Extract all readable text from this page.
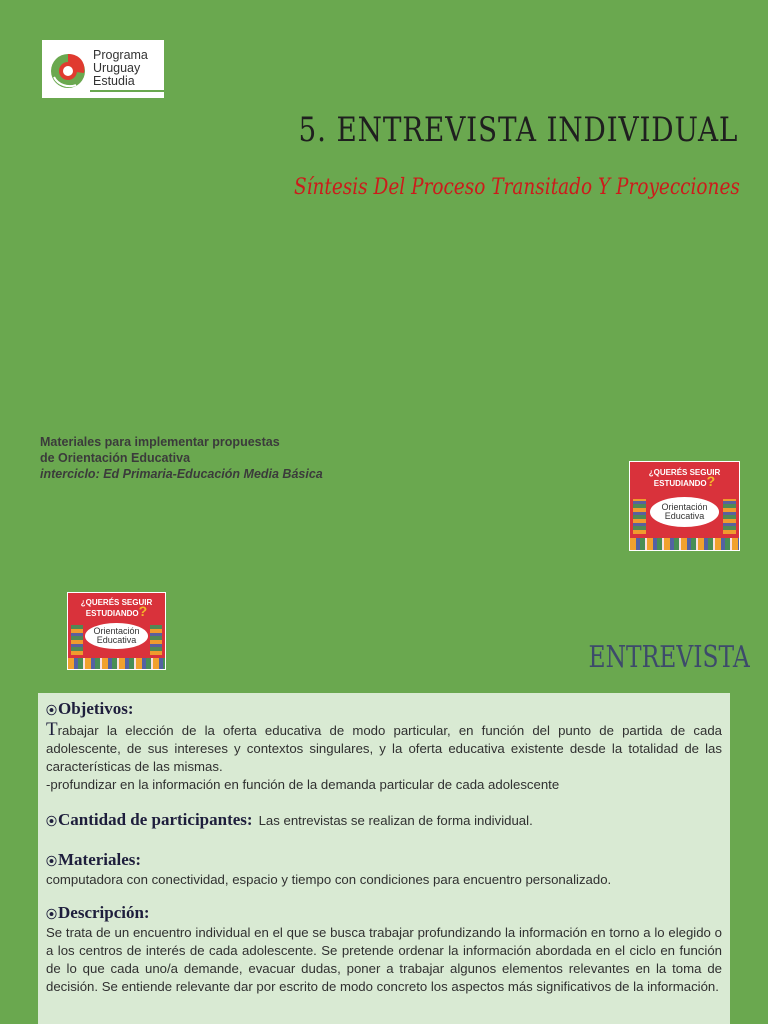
Programa
Uruguay
Estudia
5. ENTREVISTA INDIVIDUAL
Síntesis Del Proceso Transitado Y Proyecciones
Materiales para implementar propuestas
de Orientación Educativa
interciclo: Ed Primaria-Educación Media Básica	¿QUERÉS SEGUIR
ESTUDIANDO?
Orientación
Educativa
¿QUERÉS SEGUIR
ESTUDIANDO?
Orientación
Educativa	ENTREVISTA
⦿ Objetivos:
Trabajar la elección de la oferta educativa de modo particular, en función del punto de partida de cada adolescente, de sus intereses y contextos singulares, y la oferta educativa existente desde la totalidad de las características de las mismas.
-profundizar en la información en función de la demanda particular de cada adolescente
⦿ Cantidad de participantes: Las entrevistas se realizan de forma individual.
⦿ Materiales:
computadora con conectividad, espacio y tiempo con condiciones para encuentro personalizado.
⦿ Descripción:
Se trata de un encuentro individual en el que se busca trabajar profundizando la información en torno a lo elegido o a los centros de interés de cada adolescente. Se pretende ordenar la información abordada en el ciclo en función de lo que cada uno/a demande, evacuar dudas, poner a trabajar algunos elementos relevantes en la toma de decisión. Se entiende relevante dar por escrito de modo concreto los aspectos más significativos de la información.
